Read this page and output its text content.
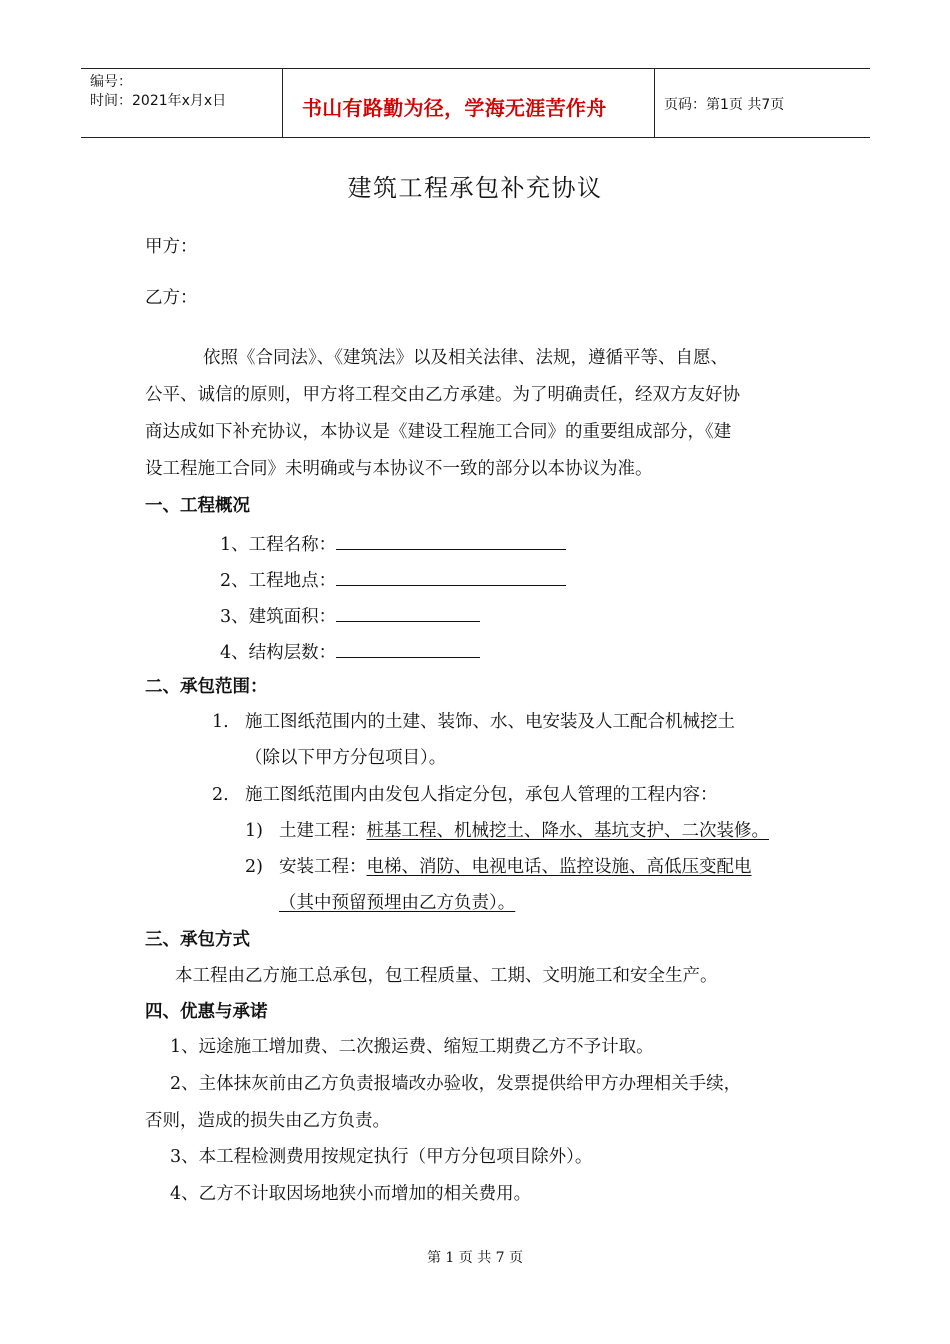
编号：
时间：2021年x月x日	书山有路勤为径，学海无涯苦作舟	页码：第1页 共7页
建筑工程承包补充协议
甲方：
乙方：
依照《合同法》、《建筑法》以及相关法律、法规，遵循平等、自愿、
公平、诚信的原则，甲方将工程交由乙方承建。为了明确责任，经双方友好协
商达成如下补充协议，本协议是《建设工程施工合同》的重要组成部分，《建
设工程施工合同》未明确或与本协议不一致的部分以本协议为准。
一、工程概况
1、工程名称：
2、工程地点：
3、建筑面积：
4、结构层数：
二、承包范围：
1. 施工图纸范围内的土建、装饰、水、电安装及人工配合机械挖土
（除以下甲方分包项目）。
2. 施工图纸范围内由发包人指定分包，承包人管理的工程内容：
1) 土建工程：桩基工程、机械挖土、降水、基坑支护、二次装修。
2) 安装工程：电梯、消防、电视电话、监控设施、高低压变配电
（其中预留预埋由乙方负责）。
三、承包方式
本工程由乙方施工总承包，包工程质量、工期、文明施工和安全生产。
四、优惠与承诺
1、远途施工增加费、二次搬运费、缩短工期费乙方不予计取。
2、主体抹灰前由乙方负责报墙改办验收，发票提供给甲方办理相关手续，
否则，造成的损失由乙方负责。
3、本工程检测费用按规定执行（甲方分包项目除外）。
4、乙方不计取因场地狭小而增加的相关费用。
第 1 页 共 7 页
